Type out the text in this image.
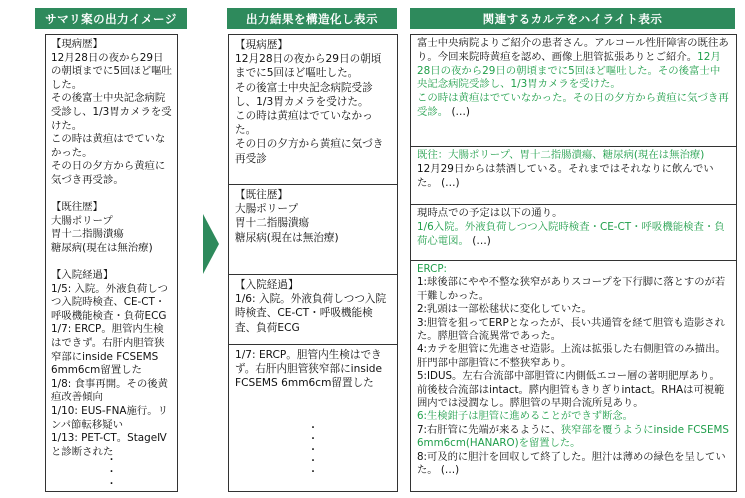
サマリ案の出力イメージ	出力結果を構造化し表示	関連するカルテをハイライト表示

【現病歴】
12月28日の夜から29日の朝頃までに5回ほど嘔吐した。
その後富士中央記念病院受診し、1/3胃カメラを受けた。
この時は黄疸はでていなかった。
その日の夕方から黄疸に気づき再受診。

【既往歴】
大腸ポリープ
胃十二指腸潰瘍
糖尿病(現在は無治療)

【入院経過】
1/5: 入院。外液負荷しつつ入院時検査、CE-CT・呼吸機能検査・負荷ECG
1/7: ERCP。胆管内生検はできず。右肝内胆管狭窄部にinside FCSEMS 6mm6cm留置した
1/8: 食事再開。その後黄疸改善傾向
1/10: EUS-FNA施行。リンパ節転移疑い
1/13: PET-CT。StageⅣと診断された

・
・
・

【現病歴】
12月28日の夜から29日の朝頃までに5回ほど嘔吐した。
その後富士中央記念病院受診し、1/3胃カメラを受けた。
この時は黄疸はでていなかった。
その日の夕方から黄疸に気づき再受診

【既往歴】
大腸ポリープ
胃十二指腸潰瘍
糖尿病(現在は無治療)

【入院経過】
1/6: 入院。外液負荷しつつ入院時検査、CE-CT・呼吸機能検査、負荷ECG

1/7: ERCP。胆管内生検はできず。右肝内胆管狭窄部にinside FCSEMS 6mm6cm留置した

・
・
・
・
・

富士中央病院よりご紹介の患者さん。アルコール性肝障害の既往あり。今回来院時黄疸を認め、画像上胆管拡張ありとご紹介。12月28日の夜から29日の朝頃までに5回ほど嘔吐した。その後富士中央記念病院受診し、1/3胃カメラを受けた。
この時は黄疸はでていなかった。その日の夕方から黄疸に気づき再受診。 (…)

既往：大腸ポリープ、胃十二指腸潰瘍、糖尿病(現在は無治療)
12月29日からは禁酒している。それまではそれなりに飲んでいた。 (…)

現時点での予定は以下の通り。
1/6入院。外液負荷しつつ入院時検査・CE-CT・呼吸機能検査・負荷心電図。 (…)

ERCP:
1:球後部にやや不整な狭窄がありスコープを下行脚に落とすのが若干難しかった。
2:乳頭は一部松毬状に変化していた。
3:胆管を狙ってERPとなったが、長い共通管を経て胆管も造影された。膵胆管合流異常であった。
4:カテを胆管に先進させ造影。上流は拡張した右側胆管のみ描出。肝門部中部胆管に不整狭窄あり。
5:IDUS。左右合流部中部胆管に内側低エコー層の著明肥厚あり。前後枝合流部はintact。膵内胆管もきりぎりintact。RHAは可視範囲内では浸潤なし。膵胆管の早期合流所見あり。
6:生検鉗子は胆管に進めることができず断念。
7:右肝管に先端が来るように、狭窄部を覆うようにinside FCSEMS 6mm6cm(HANARO)を留置した。
8:可及的に胆汁を回収して終了した。胆汁は薄めの緑色を呈していた。 (…)
